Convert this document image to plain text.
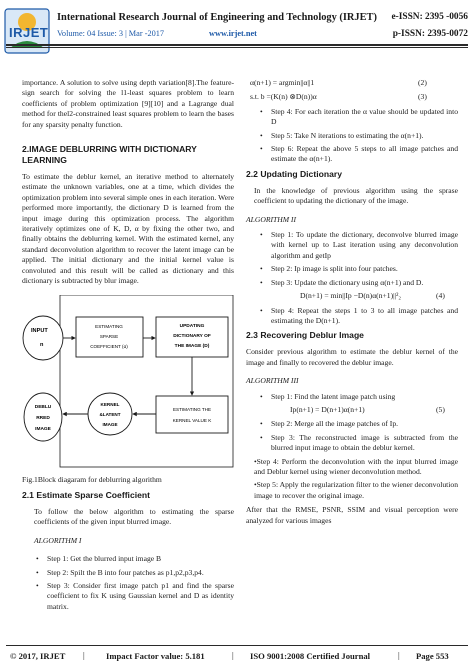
IRJET
International Research Journal of Engineering and Technology (IRJET) e-ISSN: 2395 -0056
Volume: 04 Issue: 3 | Mar -2017	www.irjet.net	p-ISSN: 2395-0072

importance. A solution to solve using depth variation[8].The feature-sign search for solving the l1-least squares problem to learn coefficients of problem optimization [9][10] and a Lagrange dual method for thel2-constrained least squares problem to learn the bases for any sparsity penalty function.

2.IMAGE DEBLURRING WITH DICTIONARY LEARNING

To estimate the deblur kernel, an iterative method to alternately estimate the unknown variables, one at a time, which divides the optimization problem into several simple ones in each iteration. Were performed more importantly, the dictionary D is learned from the input image during this optimization process. The algorithm iteratively optimizes one of K, D, α by fixing the other two, and finally obtains the deblurring kernel. With the estimated kernel, any standard deconvolution algorithm to recover the latent image can be applied. The initial dictionary and the initial kernel value is convoluted and this result will be called as dictionary and this dictionary is subtracted by blur image.

INPUT
n
ESTIMATING
SPARSE
COEFFICIENT (α)
UPDATING
DICTIONARY OF
THE IMAGE (D)
ESTIMATING THE
KERNEL VALUE K
KERNEL
&LATENT
IMAGE
DEBLU
RRED
IMAGE

Fig.1Block diagaram for deblurring algorithm

2.1 Estimate Sparse Coefficient

To follow the below algorithm to estimating the sparse coefficients of the given input blurred image.

ALGORITHM I

• Step 1: Get the blurred input image B
• Step 2: Spilt the B into four patches as p1,p2,p3,p4.
• Step 3: Consider first image patch p1 and find the sparse coefficient to fix K using Gaussian kernel and D as identity matrix.
α(n+1) = argmin||α||1	(2)
s.t. b =(K(n) ⊗D(n))α	(3)
• Step 4: For each iteration the α value should be updated into D
• Step 5: Take N iterations to estimating the α(n+1).
• Step 6: Repeat the above 5 steps to all image patches and estimate the α(n+1).
2.2 Updating Dictionary

In the knowledge of previous algorithm using the sprase coefficient to updating the dictionary of the image.

ALGORITHM II

• Step 1: To update the dictionary, deconvolve blurred image with kernel up to Last iteration using any deconvolution algorithm and getIp
• Step 2: Ip image is split into four patches.
• Step 3: Update the dictionary using α(n+1) and D.
D(n+1) = min||Ip −D(n)α(n+1)||²₂	(4)
• Step 4: Repeat the steps 1 to 3 to all image patches and estimating the D(n+1).
2.3 Recovering Deblur Image

Consider previous algorithm to estimate the deblur kernel of the image and finally to recovered the deblur image.

ALGORITHM III

• Step 1: Find the latent image patch using
Ip(n+1) = D(n+1)α(n+1)	(5)
• Step 2: Merge all the image patches of Ip.
• Step 3: The reconstructed image is subtracted from the blurred input image to obtain the deblur kernel.
•Step 4: Perform the deconvolution with the input blurred image and Deblur kernel using wiener deconvolution method.
•Step 5: Apply the regularization filter to the wiener deconvolution image to recover the original image.

After that the RMSE, PSNR, SSIM and visual perception were analyzed for various images

© 2017, IRJET | Impact Factor value: 5.181	| ISO 9001:2008 Certified Journal	| Page 553
